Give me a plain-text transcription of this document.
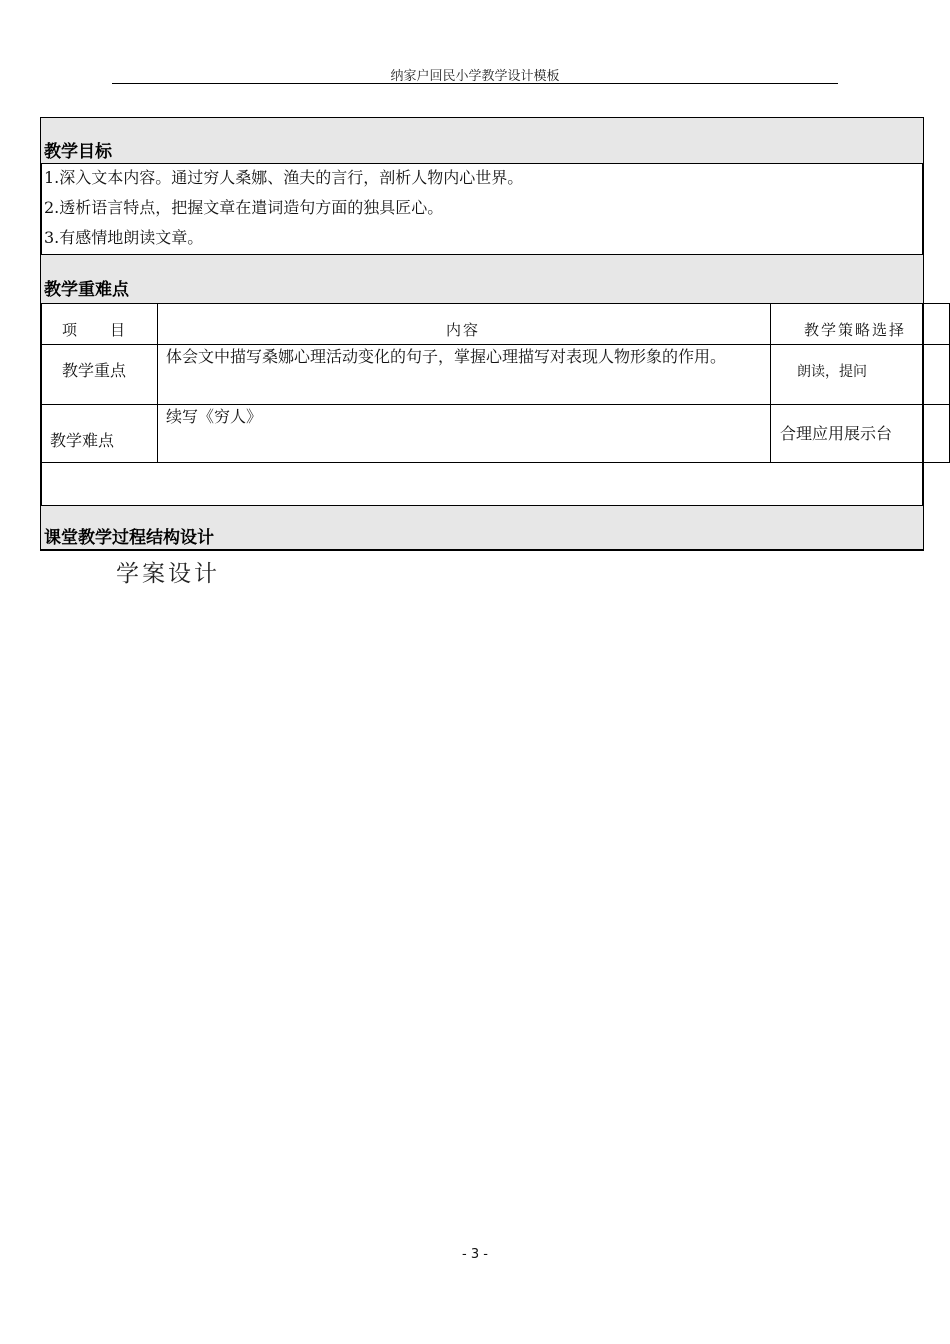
纳家户回民小学教学设计模板
教学目标
1.深入文本内容。通过穷人桑娜、渔夫的言行，剖析人物内心世界。
2.透析语言特点，把握文章在遣词造句方面的独具匠心。
3.有感情地朗读文章。
教学重难点
项　　目	内容	教学策略选择
教学重点
体会文中描写桑娜心理活动变化的句子，掌握心理描写对表现人物形象的作用。
朗读，提问
教学难点
续写《穷人》
合理应用展示台
课堂教学过程结构设计
学案设计
- 3 -
